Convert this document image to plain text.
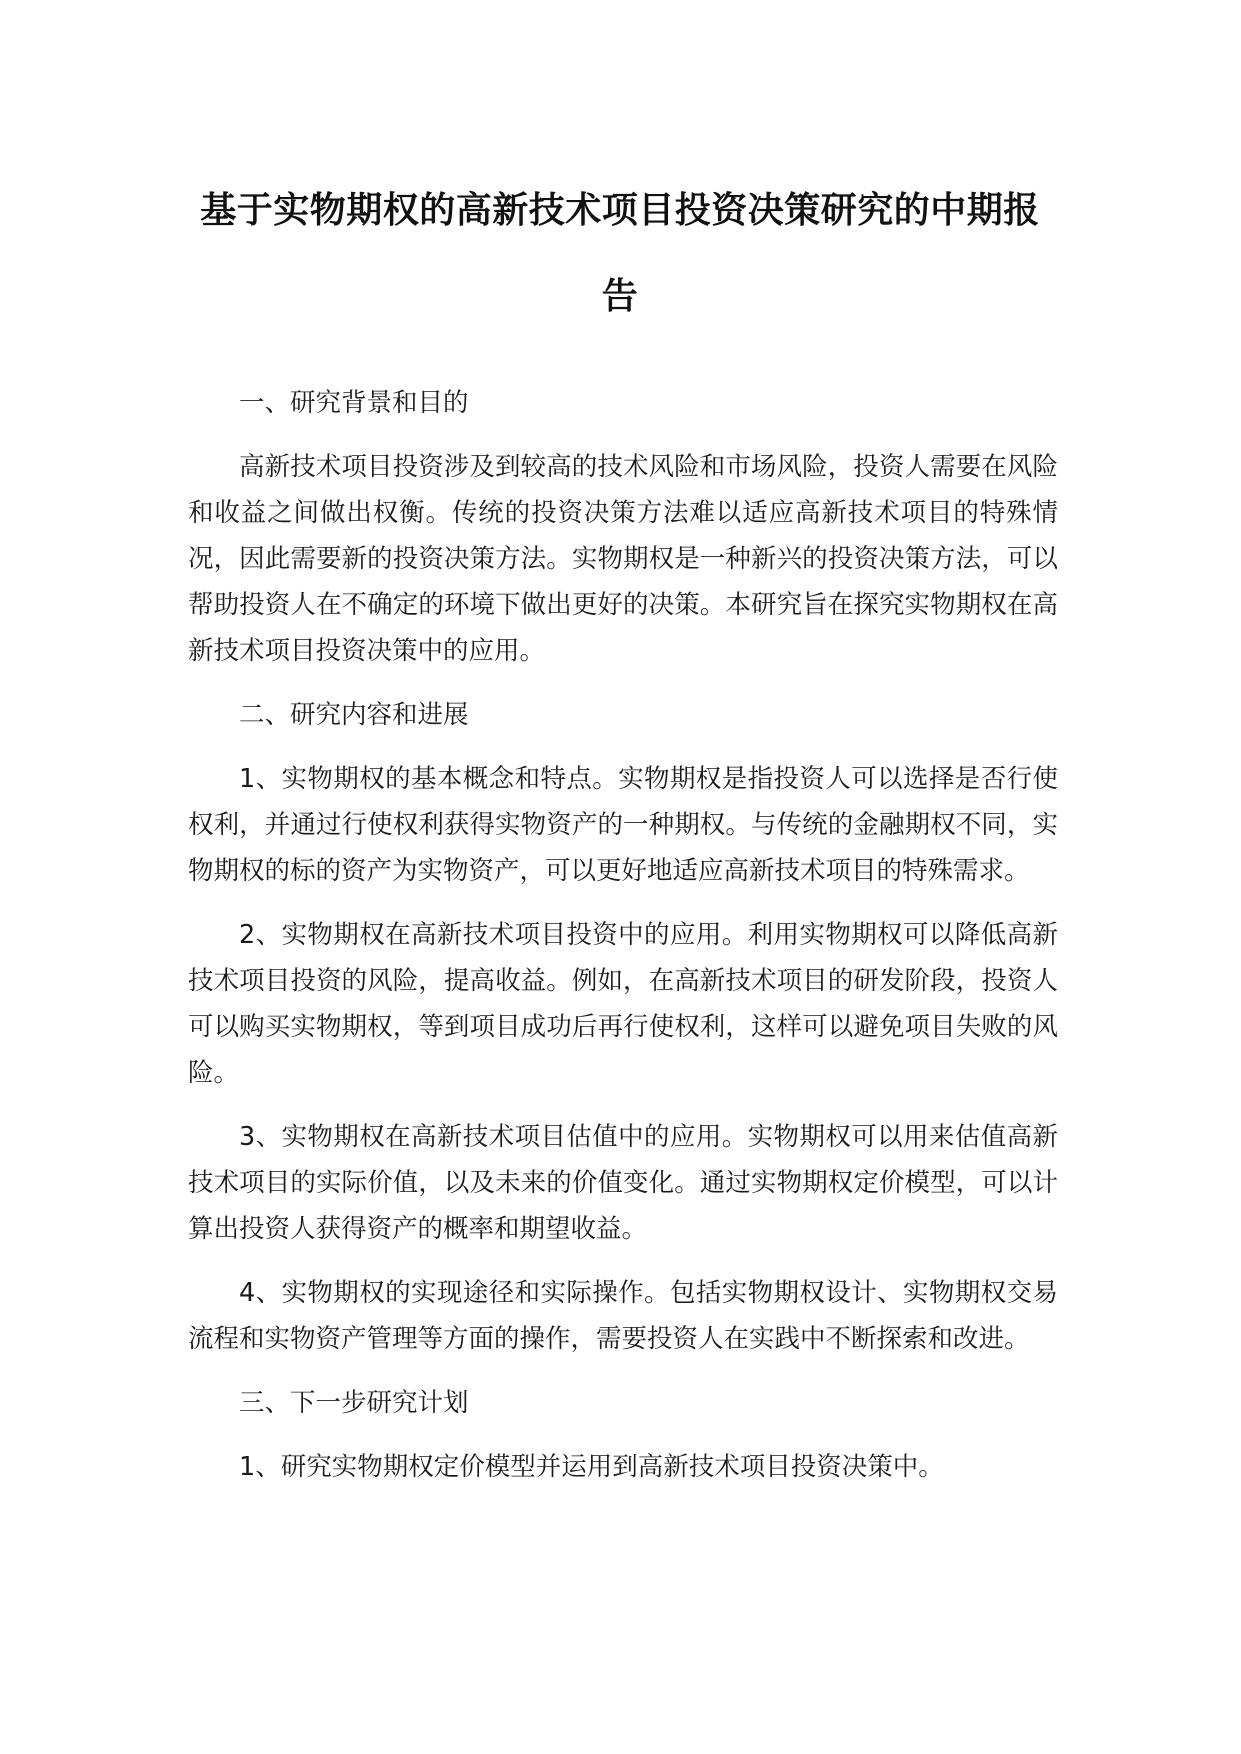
基于实物期权的高新技术项目投资决策研究的中期报告

一、研究背景和目的

高新技术项目投资涉及到较高的技术风险和市场风险，投资人需要在风险和收益之间做出权衡。传统的投资决策方法难以适应高新技术项目的特殊情况，因此需要新的投资决策方法。实物期权是一种新兴的投资决策方法，可以帮助投资人在不确定的环境下做出更好的决策。本研究旨在探究实物期权在高新技术项目投资决策中的应用。

二、研究内容和进展

1、实物期权的基本概念和特点。实物期权是指投资人可以选择是否行使权利，并通过行使权利获得实物资产的一种期权。与传统的金融期权不同，实物期权的标的资产为实物资产，可以更好地适应高新技术项目的特殊需求。

2、实物期权在高新技术项目投资中的应用。利用实物期权可以降低高新技术项目投资的风险，提高收益。例如，在高新技术项目的研发阶段，投资人可以购买实物期权，等到项目成功后再行使权利，这样可以避免项目失败的风险。

3、实物期权在高新技术项目估值中的应用。实物期权可以用来估值高新技术项目的实际价值，以及未来的价值变化。通过实物期权定价模型，可以计算出投资人获得资产的概率和期望收益。

4、实物期权的实现途径和实际操作。包括实物期权设计、实物期权交易流程和实物资产管理等方面的操作，需要投资人在实践中不断探索和改进。

三、下一步研究计划

1、研究实物期权定价模型并运用到高新技术项目投资决策中。
